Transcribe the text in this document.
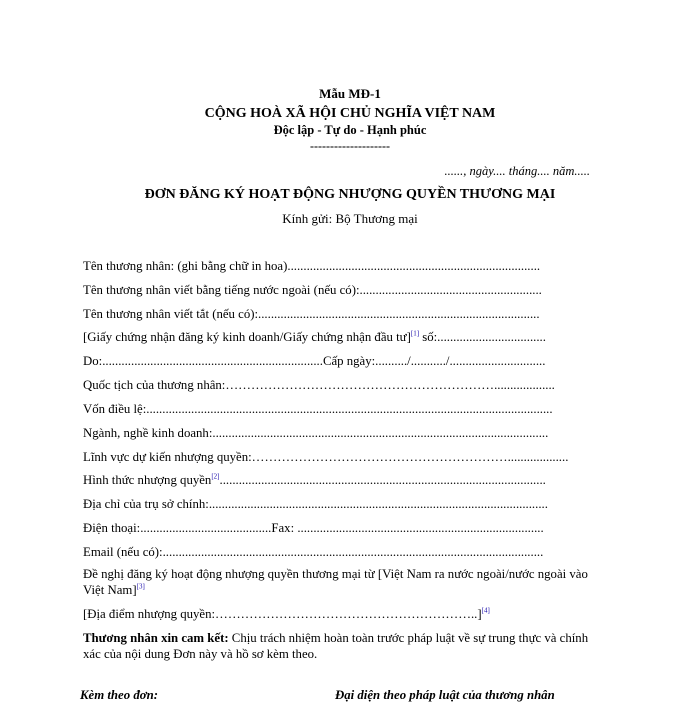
Mẫu MĐ-1
CỘNG HOÀ XÃ HỘI CHỦ NGHĨA VIỆT NAM
Độc lập - Tự do - Hạnh phúc
--------------------
......, ngày.... tháng.... năm.....
ĐƠN ĐĂNG KÝ HOẠT ĐỘNG NHƯỢNG QUYỀN THƯƠNG MẠI
Kính gửi: Bộ Thương mại
Tên thương nhân: (ghi bằng chữ in hoa)...............................................................................
Tên thương nhân viết bằng tiếng nước ngoài (nếu có):.........................................................
Tên thương nhân viết tắt (nếu có):........................................................................................
[Giấy chứng nhận đăng ký kinh doanh/Giấy chứng nhận đầu tư][1] số:..................................
Do:.....................................................................Cấp ngày:........../.........../..............................
Quốc tịch của thương nhân:………………………………………………………...................
Vốn điều lệ:...............................................................................................................................
Ngành, nghề kinh doanh:.........................................................................................................
Lĩnh vực dự kiến nhượng quyền:……………………………………………………...................
Hình thức nhượng quyền[2]......................................................................................................
Địa chỉ của trụ sở chính:..........................................................................................................
Điện thoại:.........................................Fax: .............................................................................
Email (nếu có):.......................................................................................................................
Đề nghị đăng ký hoạt động nhượng quyền thương mại từ [Việt Nam ra nước ngoài/nước ngoài vào Việt Nam][3]
[Địa điểm nhượng quyền:……………………………………………………..][4]
Thương nhân xin cam kết: Chịu trách nhiệm hoàn toàn trước pháp luật về sự trung thực và chính xác của nội dung Đơn này và hồ sơ kèm theo.
Kèm theo đơn:	Đại diện theo pháp luật của thương nhân
